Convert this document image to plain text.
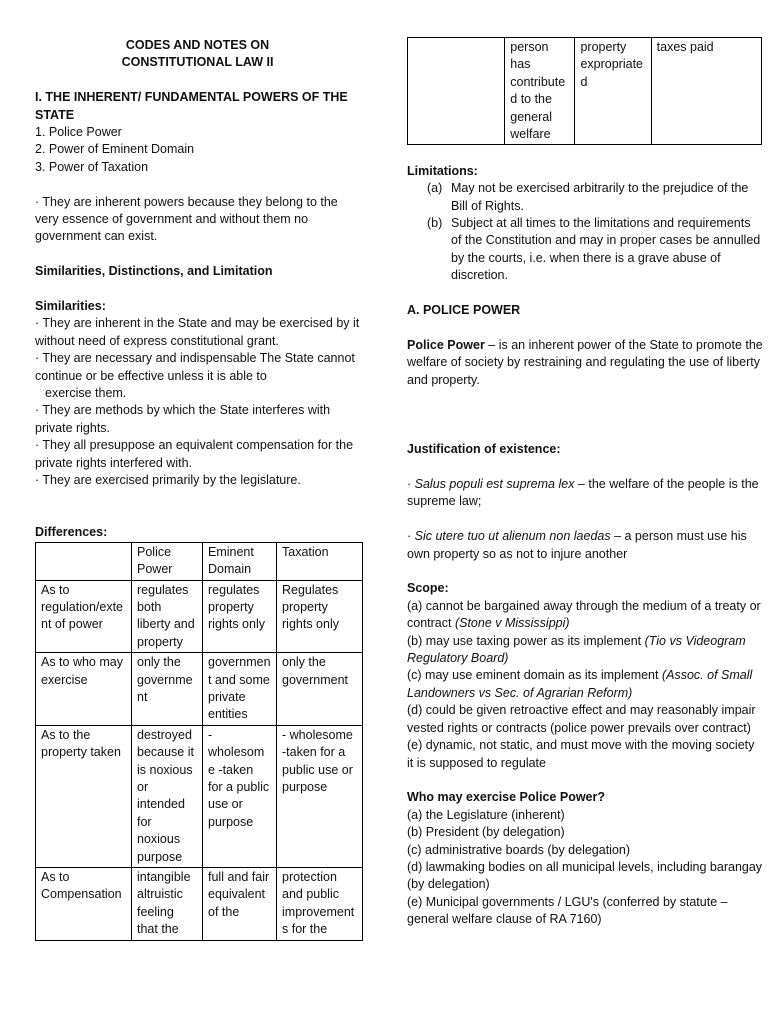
CODES AND NOTES ON

CONSTITUTIONAL LAW II

I. THE INHERENT/ FUNDAMENTAL POWERS OF THE STATE

1. Police Power

2. Power of Eminent Domain

3. Power of Taxation

· They are inherent powers because they belong to the very essence of government and without them no government can exist.

Similarities, Distinctions, and Limitation

Similarities:

· They are inherent in the State and may be exercised by it without need of express constitutional grant.

· They are necessary and indispensable The State cannot continue or be effective unless it is able to

exercise them.

· They are methods by which the State interferes with private rights.

· They all presuppose an equivalent compensation for the private rights interfered with.

· They are exercised primarily by the legislature.

Differences:

	Police Power	Eminent Domain	Taxation
As to regulation/extent of power	regulates both liberty and property	regulates property rights only	Regulates property rights only
As to who may exercise	only the government	government and some private entities	only the government
As to the property taken	destroyed because it is noxious or intended for noxious purpose	- wholesome -taken for a public use or purpose	- wholesome -taken for a public use or purpose
As to Compensation	intangible altruistic feeling that the	full and fair equivalent of the	protection and public improvements for the
	person has contributed to the general welfare	property expropriated	taxes paid

Limitations:

(a) May not be exercised arbitrarily to the prejudice of the Bill of Rights.
(b) Subject at all times to the limitations and requirements of the Constitution and may in proper cases be annulled by the courts, i.e. when there is a grave abuse of discretion.

A. POLICE POWER

Police Power – is an inherent power of the State to promote the welfare of society by restraining and regulating the use of liberty and property.

Justification of existence:

· Salus populi est suprema lex – the welfare of the people is the supreme law;

· Sic utere tuo ut alienum non laedas – a person must use his own property so as not to injure another

Scope:

(a) cannot be bargained away through the medium of a treaty or contract (Stone v Mississippi)

(b) may use taxing power as its implement (Tio vs Videogram Regulatory Board)

(c) may use eminent domain as its implement (Assoc. of Small Landowners vs Sec. of Agrarian Reform)

(d) could be given retroactive effect and may reasonably impair vested rights or contracts (police power prevails over contract)

(e) dynamic, not static, and must move with the moving society it is supposed to regulate

Who may exercise Police Power?

(a) the Legislature (inherent)

(b) President (by delegation)

(c) administrative boards (by delegation)

(d) lawmaking bodies on all municipal levels, including barangay (by delegation)

(e) Municipal governments / LGU's (conferred by statute – general welfare clause of RA 7160)
